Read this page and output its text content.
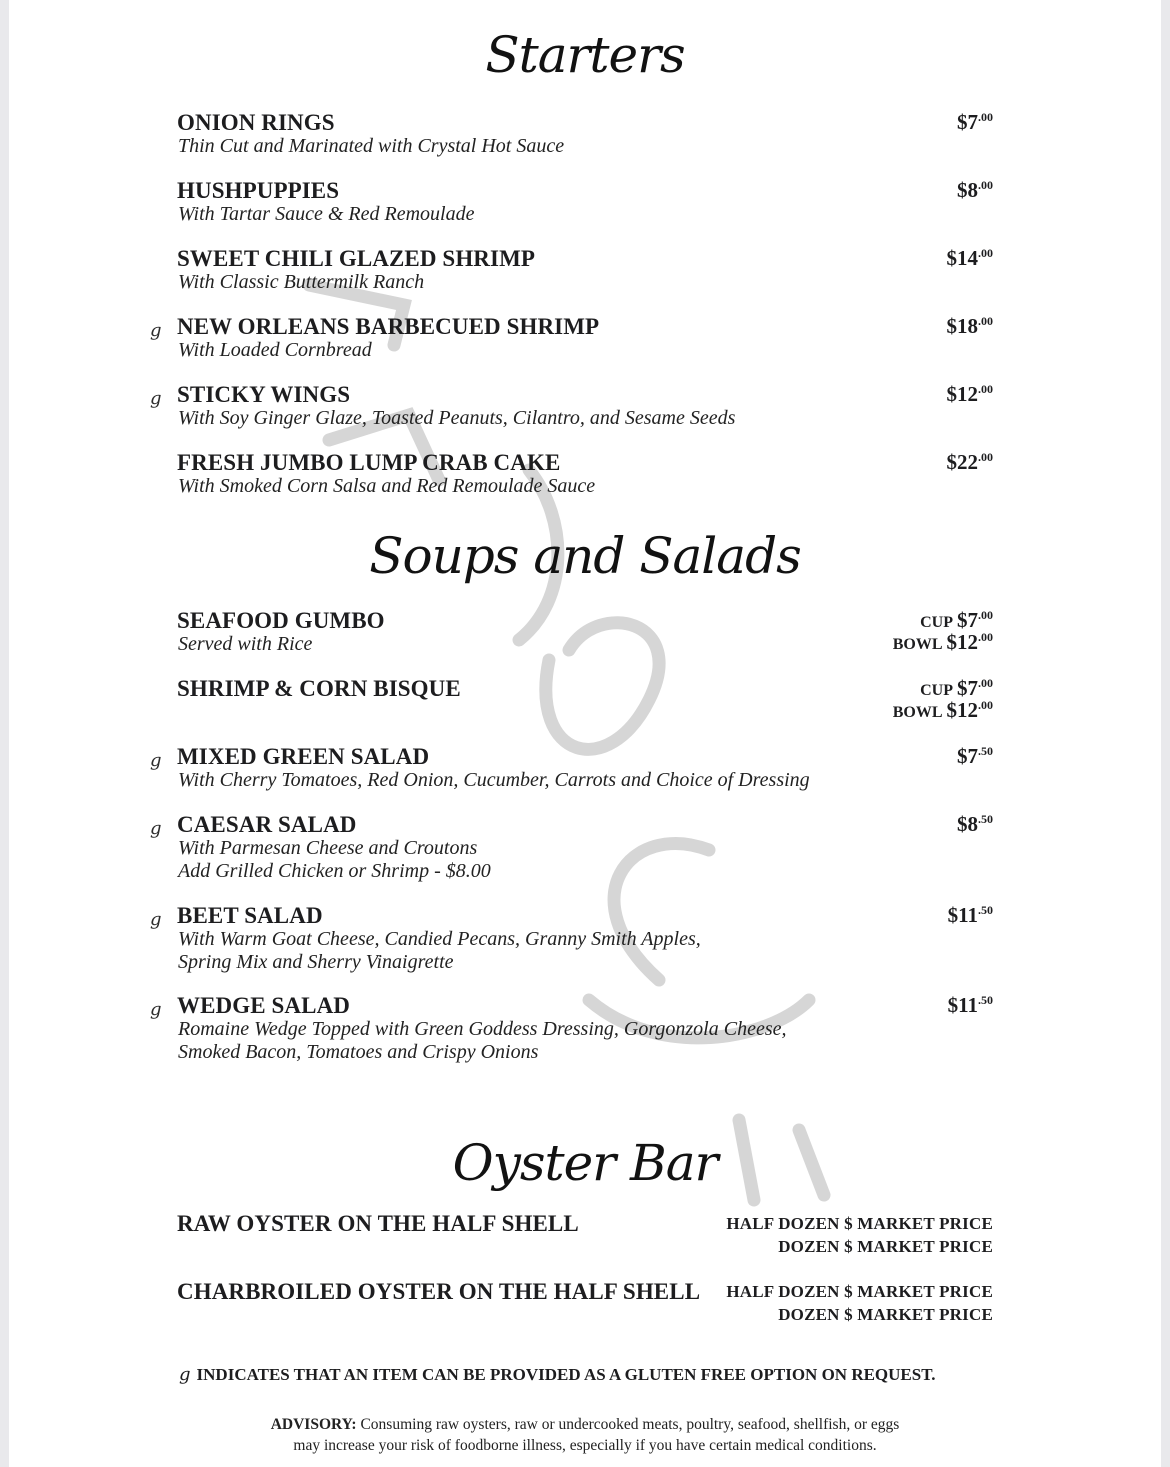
Starters
ONION RINGS
Thin Cut and Marinated with Crystal Hot Sauce
$\$7^{.00}$
HUSHPUPPIES
With Tartar Sauce & Red Remoulade
$\$8^{.00}$
SWEET CHILI GLAZED SHRIMP
With Classic Buttermilk Ranch
$\$14^{.00}$
g NEW ORLEANS BARBECUED SHRIMP
With Loaded Cornbread
$\$18^{.00}$
g STICKY WINGS
With Soy Ginger Glaze, Toasted Peanuts, Cilantro, and Sesame Seeds
$\$12^{.00}$
FRESH JUMBO LUMP CRAB CAKE
With Smoked Corn Salsa and Red Remoulade Sauce
$\$22^{.00}$
Soups and Salads
SEAFOOD GUMBO
Served with Rice
CUP $\$7^{.00}$
BOWL $\$12^{.00}$
SHRIMP & CORN BISQUE	CUP $\$7^{.00}$
BOWL $\$12^{.00}$
g MIXED GREEN SALAD
With Cherry Tomatoes, Red Onion, Cucumber, Carrots and Choice of Dressing
$\$7^{.50}$
g CAESAR SALAD
With Parmesan Cheese and Croutons
Add Grilled Chicken or Shrimp - $8.00
$\$8^{.50}$
g BEET SALAD
With Warm Goat Cheese, Candied Pecans, Granny Smith Apples,
Spring Mix and Sherry Vinaigrette
$\$11^{.50}$
g WEDGE SALAD
Romaine Wedge Topped with Green Goddess Dressing, Gorgonzola Cheese,
Smoked Bacon, Tomatoes and Crispy Onions
$\$11^{.50}$
Oyster Bar
RAW OYSTER ON THE HALF SHELL	HALF DOZEN $ MARKET PRICE
DOZEN $ MARKET PRICE
CHARBROILED OYSTER ON THE HALF SHELL HALF DOZEN $ MARKET PRICE
DOZEN $ MARKET PRICE
g INDICATES THAT AN ITEM CAN BE PROVIDED AS A GLUTEN FREE OPTION ON REQUEST.
ADVISORY: Consuming raw oysters, raw or undercooked meats, poultry, seafood, shellfish, or eggs
may increase your risk of foodborne illness, especially if you have certain medical conditions.
